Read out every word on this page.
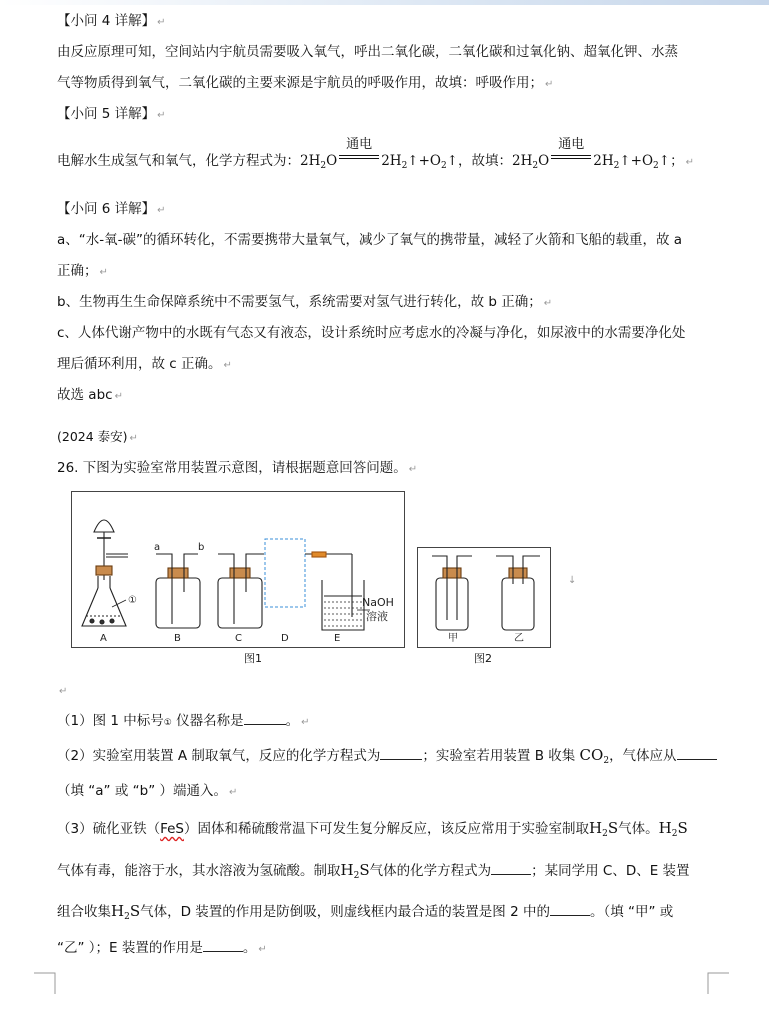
【小问 4 详解】 ↵
由反应原理可知，空间站内宇航员需要吸入氧气，呼出二氧化碳，二氧化碳和过氧化钠、超氧化钾、水蒸
气等物质得到氧气，二氧化碳的主要来源是宇航员的呼吸作用，故填：呼吸作用； ↵
【小问 5 详解】 ↵
电解水生成氢气和氧气，化学方程式为：$2H_2O$
通电
$2H_2↑+O_2↑$，故填：$2H_2O$
通电
$2H_2↑+O_2↑$； ↵
【小问 6 详解】 ↵
a、“水-氧-碳”的循环转化，不需要携带大量氧气，减少了氧气的携带量，减轻了火箭和飞船的载重，故 a
正确； ↵
b、生物再生生命保障系统中不需要氢气，系统需要对氢气进行转化，故 b 正确； ↵
c、人体代谢产物中的水既有气态又有液态，设计系统时应考虑水的冷凝与净化，如尿液中的水需要净化处
理后循环利用，故 c 正确。 ↵
故选 abc ↵
(2024 泰安) ↵
26. 下图为实验室常用装置示意图，请根据题意回答问题。 ↵
①
A
a	b
B	C	D
NaOH
溶液
E
图1
甲	乙
图2
↓
↵
（1）图 1 中标号① 仪器名称是	。 ↵
（2）实验室用装置 A 制取氧气，反应的化学方程式为	；实验室若用装置 B 收集 $CO_2$，气体应从
（填 “a” 或 “b” ）端通入。 ↵
（3）硫化亚铁（FeS）固体和稀硫酸常温下可发生复分解反应，该反应常用于实验室制取$H_2S$气体。$H_2S$
气体有毒，能溶于水，其水溶液为氢硫酸。制取$H_2S$气体的化学方程式为	；某同学用 C、D、E 装置
组合收集$H_2S$气体，D 装置的作用是防倒吸，则虚线框内最合适的装置是图 2 中的	。（填 “甲” 或
“乙” ）；E 装置的作用是	。 ↵
